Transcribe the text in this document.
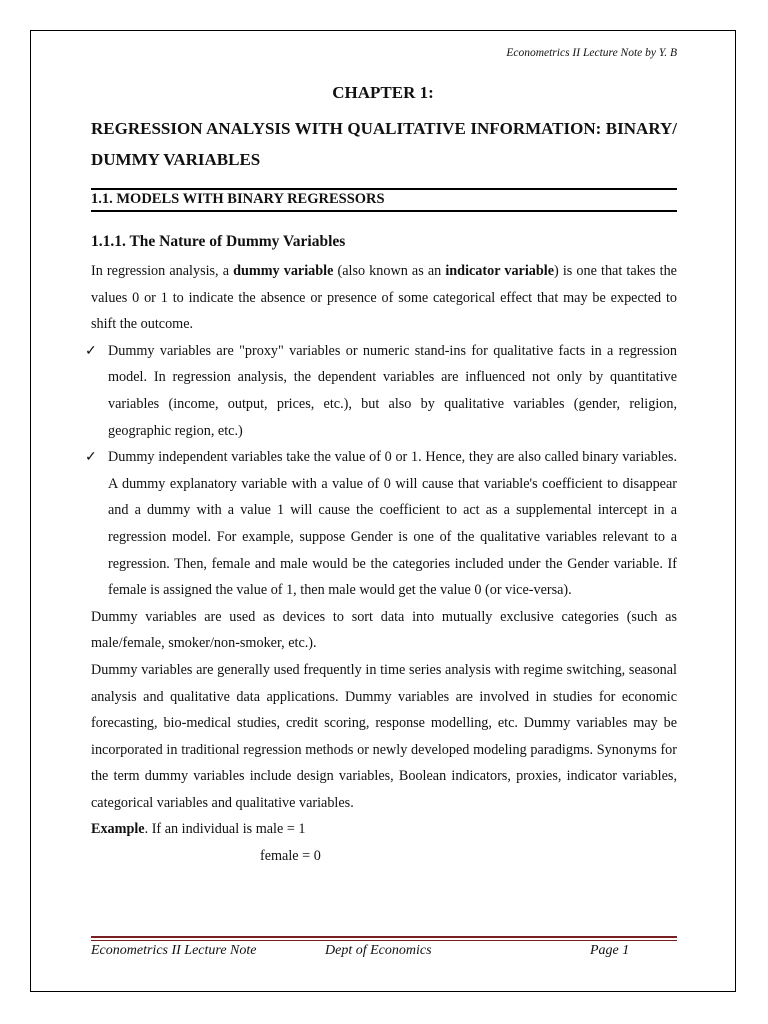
Econometrics II Lecture Note by Y. B
CHAPTER 1:
REGRESSION ANALYSIS WITH QUALITATIVE INFORMATION: BINARY/ DUMMY VARIABLES
1.1. MODELS WITH BINARY REGRESSORS
1.1.1. The Nature of Dummy Variables

In regression analysis, a dummy variable (also known as an indicator variable) is one that takes the values 0 or 1 to indicate the absence or presence of some categorical effect that may be expected to shift the outcome.

✓ Dummy variables are "proxy" variables or numeric stand-ins for qualitative facts in a regression model. In regression analysis, the dependent variables are influenced not only by quantitative variables (income, output, prices, etc.), but also by qualitative variables (gender, religion, geographic region, etc.)

✓ Dummy independent variables take the value of 0 or 1. Hence, they are also called binary variables. A dummy explanatory variable with a value of 0 will cause that variable's coefficient to disappear and a dummy with a value 1 will cause the coefficient to act as a supplemental intercept in a regression model. For example, suppose Gender is one of the qualitative variables relevant to a regression. Then, female and male would be the categories included under the Gender variable. If female is assigned the value of 1, then male would get the value 0 (or vice-versa).

Dummy variables are used as devices to sort data into mutually exclusive categories (such as male/female, smoker/non-smoker, etc.).

Dummy variables are generally used frequently in time series analysis with regime switching, seasonal analysis and qualitative data applications. Dummy variables are involved in studies for economic forecasting, bio-medical studies, credit scoring, response modelling, etc. Dummy variables may be incorporated in traditional regression methods or newly developed modeling paradigms. Synonyms for the term dummy variables include design variables, Boolean indicators, proxies, indicator variables, categorical variables and qualitative variables.

Example. If an individual is male = 1

female = 0

Econometrics II Lecture Note	Dept of Economics	Page 1
